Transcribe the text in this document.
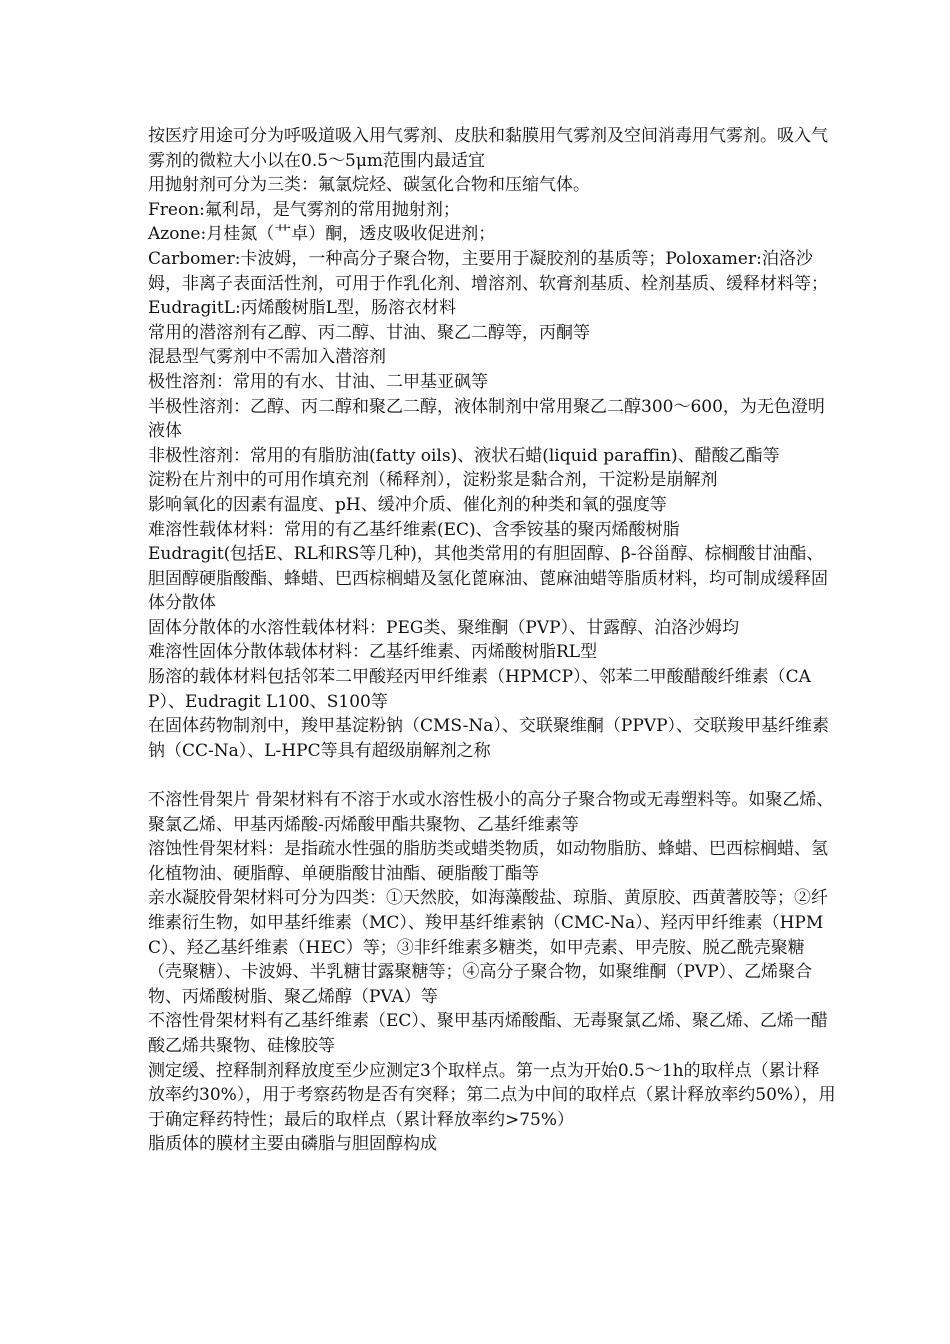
按医疗用途可分为呼吸道吸入用气雾剂、皮肤和黏膜用气雾剂及空间消毒用气雾剂。吸入气雾剂的微粒大小以在0.5～5μm范围内最适宜

用抛射剂可分为三类：氟氯烷烃、碳氢化合物和压缩气体。

Freon:氟利昂，是气雾剂的常用抛射剂；

Azone:月桂氮（艹卓）酮，透皮吸收促进剂；

Carbomer:卡波姆，一种高分子聚合物，主要用于凝胶剂的基质等；Poloxamer:泊洛沙姆，非离子表面活性剂，可用于作乳化剂、增溶剂、软膏剂基质、栓剂基质、缓释材料等；

EudragitL:丙烯酸树脂L型，肠溶衣材料

常用的潜溶剂有乙醇、丙二醇、甘油、聚乙二醇等，丙酮等

混悬型气雾剂中不需加入潜溶剂

极性溶剂：常用的有水、甘油、二甲基亚砜等

半极性溶剂：乙醇、丙二醇和聚乙二醇，液体制剂中常用聚乙二醇300～600，为无色澄明液体

非极性溶剂：常用的有脂肪油(fatty oils)、液状石蜡(liquid paraffin)、醋酸乙酯等

淀粉在片剂中的可用作填充剂（稀释剂），淀粉浆是黏合剂，干淀粉是崩解剂

影响氧化的因素有温度、pH、缓冲介质、催化剂的种类和氧的强度等

难溶性载体材料：常用的有乙基纤维素(EC)、含季铵基的聚丙烯酸树脂

Eudragit(包括E、RL和RS等几种)，其他类常用的有胆固醇、β-谷甾醇、棕榈酸甘油酯、胆固醇硬脂酸酯、蜂蜡、巴西棕榈蜡及氢化蓖麻油、蓖麻油蜡等脂质材料，均可制成缓释固体分散体

固体分散体的水溶性载体材料：PEG类、聚维酮（PVP）、甘露醇、泊洛沙姆均

难溶性固体分散体载体材料：乙基纤维素、丙烯酸树脂RL型

肠溶的载体材料包括邻苯二甲酸羟丙甲纤维素（HPMCP）、邻苯二甲酸醋酸纤维素（CAP）、Eudragit L100、S100等

在固体药物制剂中，羧甲基淀粉钠（CMS-Na）、交联聚维酮（PPVP）、交联羧甲基纤维素钠（CC-Na）、L-HPC等具有超级崩解剂之称

不溶性骨架片 骨架材料有不溶于水或水溶性极小的高分子聚合物或无毒塑料等。如聚乙烯、聚氯乙烯、甲基丙烯酸-丙烯酸甲酯共聚物、乙基纤维素等

溶蚀性骨架材料：是指疏水性强的脂肪类或蜡类物质，如动物脂肪、蜂蜡、巴西棕榈蜡、氢化植物油、硬脂醇、单硬脂酸甘油酯、硬脂酸丁酯等

亲水凝胶骨架材料可分为四类：①天然胶，如海藻酸盐、琼脂、黄原胶、西黄蓍胶等；②纤维素衍生物，如甲基纤维素（MC）、羧甲基纤维素钠（CMC-Na）、羟丙甲纤维素（HPMC）、羟乙基纤维素（HEC）等；③非纤维素多糖类，如甲壳素、甲壳胺、脱乙酰壳聚糖（壳聚糖）、卡波姆、半乳糖甘露聚糖等；④高分子聚合物，如聚维酮（PVP）、乙烯聚合物、丙烯酸树脂、聚乙烯醇（PVA）等

不溶性骨架材料有乙基纤维素（EC）、聚甲基丙烯酸酯、无毒聚氯乙烯、聚乙烯、乙烯一醋酸乙烯共聚物、硅橡胶等

测定缓、控释制剂释放度至少应测定3个取样点。第一点为开始0.5～1h的取样点（累计释放率约30%），用于考察药物是否有突释；第二点为中间的取样点（累计释放率约50%），用于确定释药特性；最后的取样点（累计释放率约>75%）

脂质体的膜材主要由磷脂与胆固醇构成
